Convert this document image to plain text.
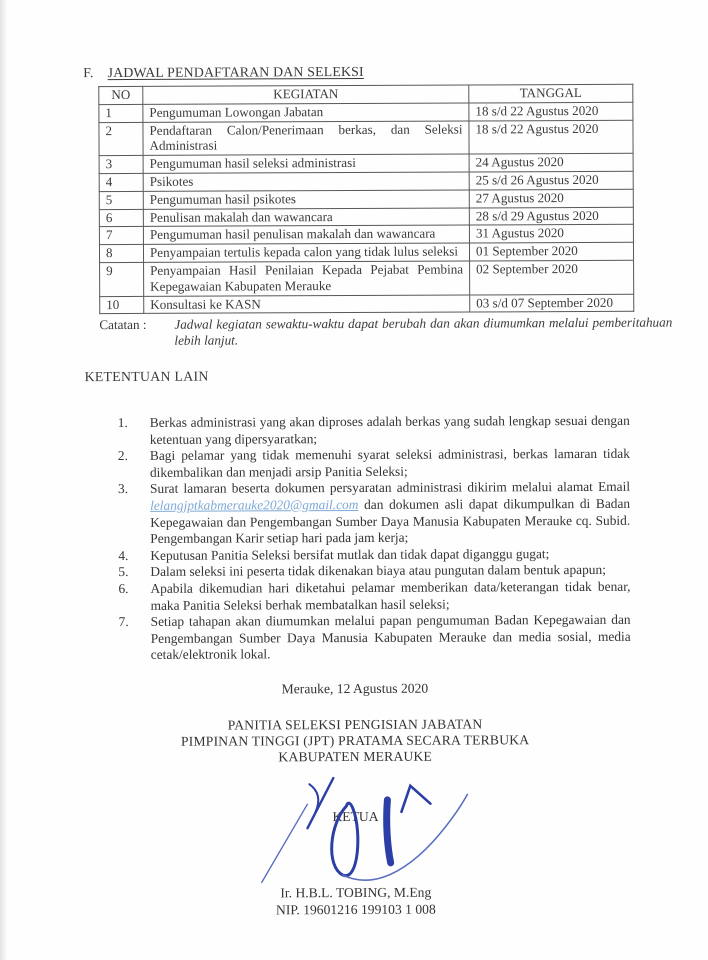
F. JADWAL PENDAFTARAN DAN SELEKSI
NO	KEGIATAN	TANGGAL
1	Pengumuman Lowongan Jabatan	18 s/d 22 Agustus 2020
2	Pendaftaran Calon/Penerimaan berkas, dan Seleksi Administrasi	18 s/d 22 Agustus 2020
3	Pengumuman hasil seleksi administrasi	24 Agustus 2020
4	Psikotes	25 s/d 26 Agustus 2020
5	Pengumuman hasil psikotes	27 Agustus 2020
6	Penulisan makalah dan wawancara	28 s/d 29 Agustus 2020
7	Pengumuman hasil penulisan makalah dan wawancara	31 Agustus 2020
8	Penyampaian tertulis kepada calon yang tidak lulus seleksi	01 September 2020
9	Penyampaian Hasil Penilaian Kepada Pejabat Pembina Kepegawaian Kabupaten Merauke	02 September 2020
10	Konsultasi ke KASN	03 s/d 07 September 2020
Catatan :	Jadwal kegiatan sewaktu-waktu dapat berubah dan akan diumumkan melalui pemberitahuan lebih lanjut.
KETENTUAN LAIN
1.	Berkas administrasi yang akan diproses adalah berkas yang sudah lengkap sesuai dengan ketentuan yang dipersyaratkan;
2.	Bagi pelamar yang tidak memenuhi syarat seleksi administrasi, berkas lamaran tidak dikembalikan dan menjadi arsip Panitia Seleksi;
3.	Surat lamaran beserta dokumen persyaratan administrasi dikirim melalui alamat Email lelangjptkabmerauke2020@gmail.com dan dokumen asli dapat dikumpulkan di Badan Kepegawaian dan Pengembangan Sumber Daya Manusia Kabupaten Merauke cq. Subid. Pengembangan Karir setiap hari pada jam kerja;
4.	Keputusan Panitia Seleksi bersifat mutlak dan tidak dapat diganggu gugat;
5.	Dalam seleksi ini peserta tidak dikenakan biaya atau pungutan dalam bentuk apapun;
6.	Apabila dikemudian hari diketahui pelamar memberikan data/keterangan tidak benar, maka Panitia Seleksi berhak membatalkan hasil seleksi;
7.	Setiap tahapan akan diumumkan melalui papan pengumuman Badan Kepegawaian dan Pengembangan Sumber Daya Manusia Kabupaten Merauke dan media sosial, media cetak/elektronik lokal.
Merauke, 12 Agustus 2020
PANITIA SELEKSI PENGISIAN JABATAN
PIMPINAN TINGGI (JPT) PRATAMA SECARA TERBUKA
KABUPATEN MERAUKE
KETUA
Ir. H.B.L. TOBING, M.Eng
NIP. 19601216 199103 1 008
